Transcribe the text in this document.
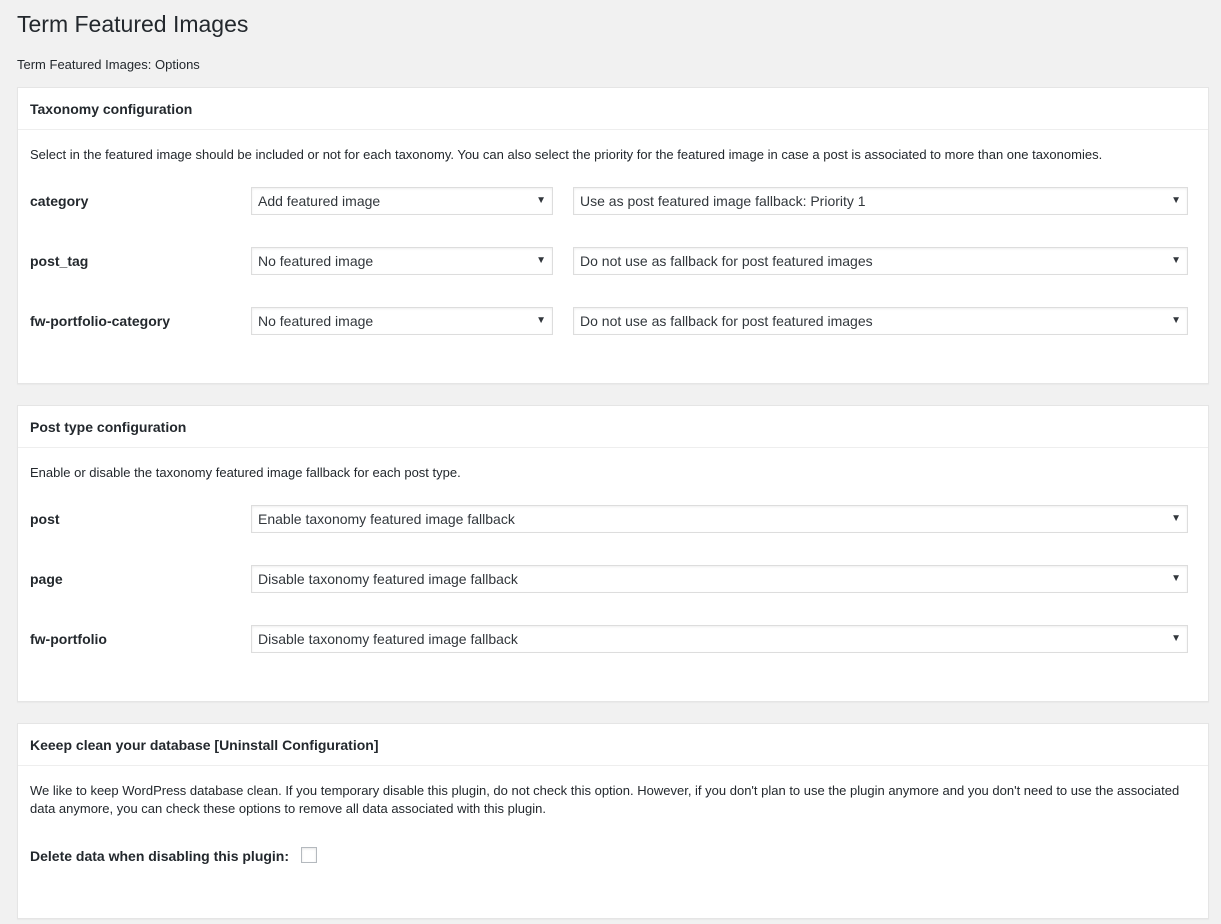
Term Featured Images

Term Featured Images: Options

Taxonomy configuration

Select in the featured image should be included or not for each taxonomy. You can also select the priority for the featured image in case a post is associated to more than one taxonomies.

category	Add featured image	▼	Use as post featured image fallback: Priority 1	▼
post_tag	No featured image	▼	Do not use as fallback for post featured images	▼
fw-portfolio-category	No featured image	▼	Do not use as fallback for post featured images	▼
Post type configuration

Enable or disable the taxonomy featured image fallback for each post type.

post	Enable taxonomy featured image fallback	▼
page	Disable taxonomy featured image fallback	▼
fw-portfolio	Disable taxonomy featured image fallback	▼
Keeep clean your database [Uninstall Configuration]

We like to keep WordPress database clean. If you temporary disable this plugin, do not check this option. However, if you don't plan to use the plugin anymore and you don't need to use the associated data anymore, you can check these options to remove all data associated with this plugin.

Delete data when disabling this plugin:
